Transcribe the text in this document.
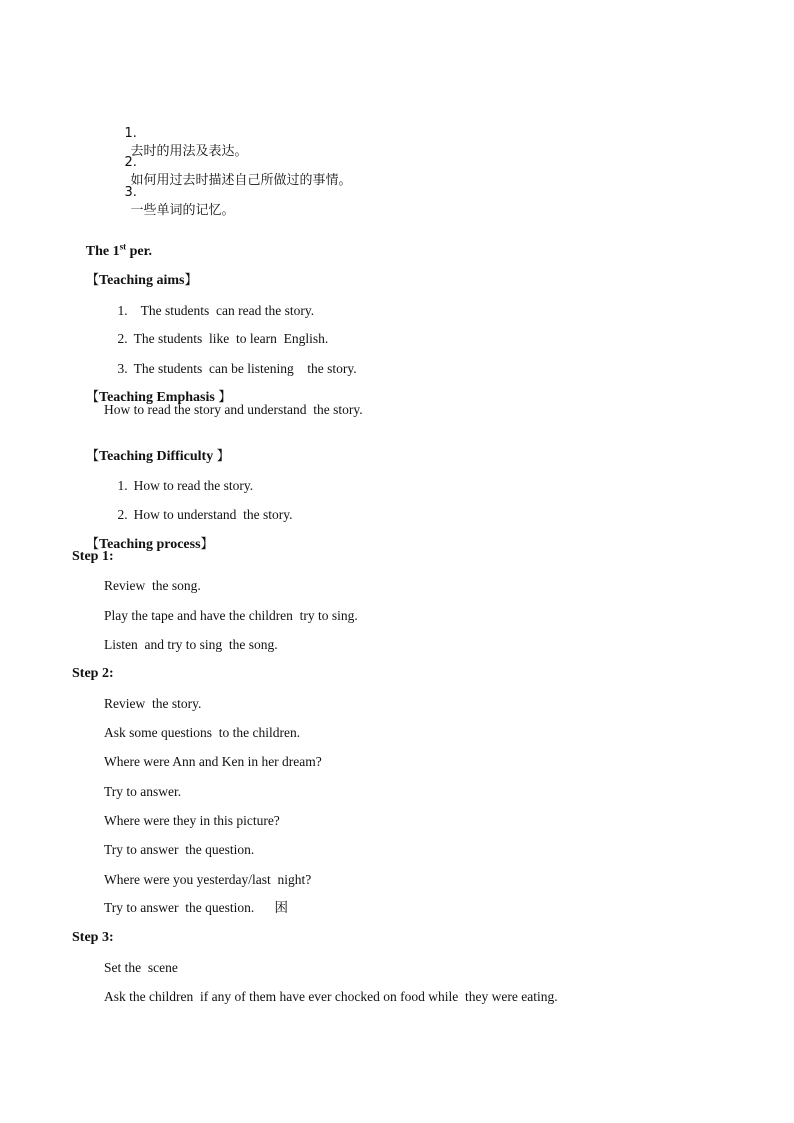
1.
去时的用法及表达。

2.
如何用过去时描述自己所做过的事情。

3.
一些单词的记忆。

The 1st per.

【Teaching aims】

1. The students  can read the story.

2. The students  like  to learn  English.

3. The students  can be listening    the story.

【Teaching Emphasis 】

How to read the story and understand  the story.

【Teaching Difficulty 】

1. How to read the story.

2. How to understand  the story.

【Teaching process】

Step 1:
Review  the song.
Play the tape and have the children  try to sing.
Listen  and try to sing  the song.
Step 2:
Review  the story.
Ask some questions  to the children.
Where were Ann and Ken in her dream?
Try to answer.
Where were they in this picture?
Try to answer  the question.
Where were you yesterday/last  night?
Try to answer  the question.      困
Step 3:
Set the  scene
Ask the children  if any of them have ever chocked on food while  they were eating.
